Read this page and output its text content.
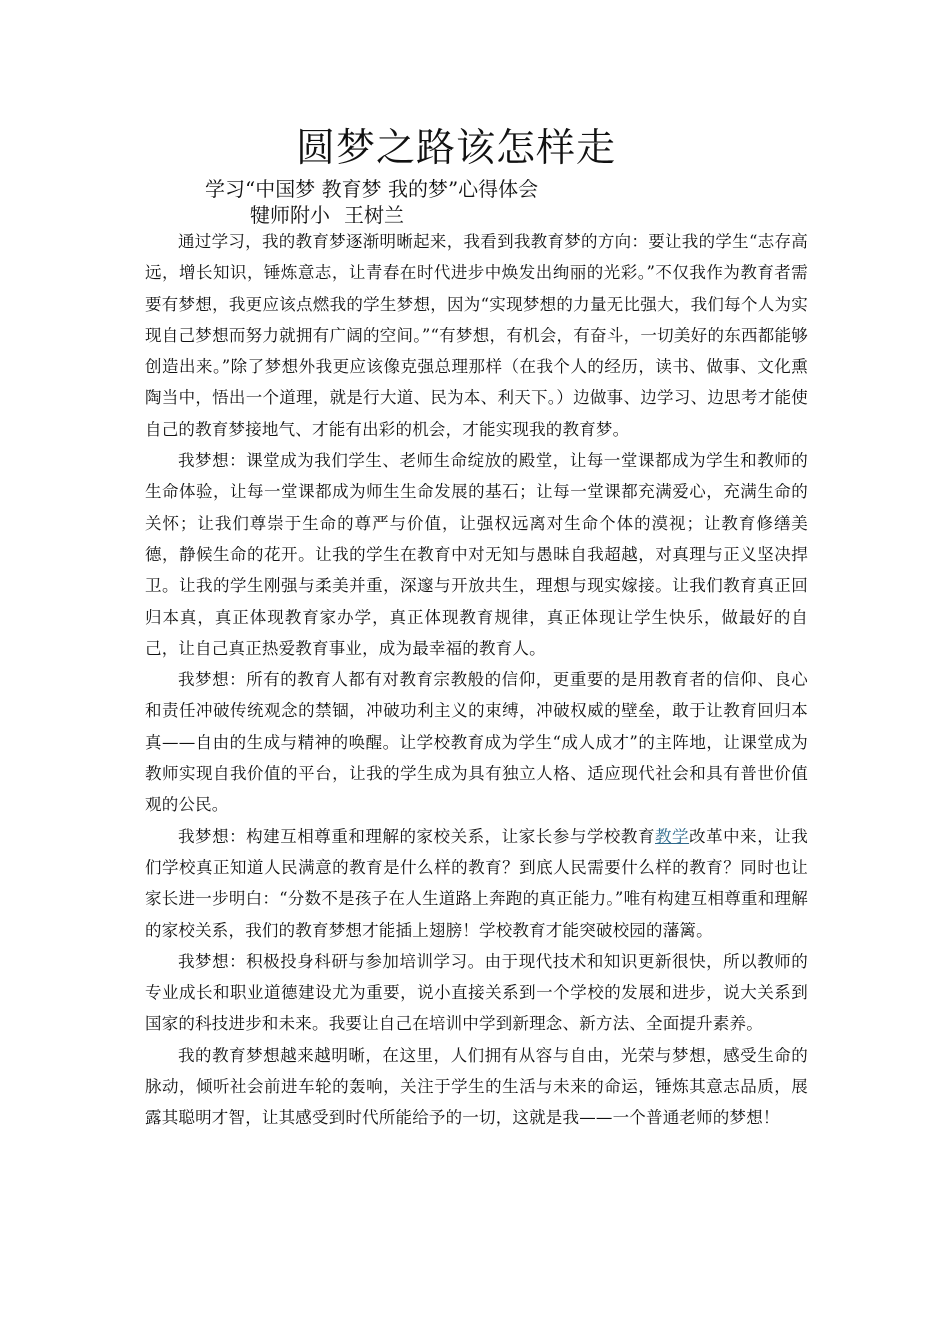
圆梦之路该怎样走

学习“中国梦 教育梦 我的梦”心得体会

犍师附小 王树兰

通过学习，我的教育梦逐渐明晰起来，我看到我教育梦的方向：要让我的学生“志存高远，增长知识，锤炼意志，让青春在时代进步中焕发出绚丽的光彩。”不仅我作为教育者需要有梦想，我更应该点燃我的学生梦想，因为“实现梦想的力量无比强大，我们每个人为实现自己梦想而努力就拥有广阔的空间。”“有梦想，有机会，有奋斗，一切美好的东西都能够创造出来。”除了梦想外我更应该像克强总理那样（在我个人的经历，读书、做事、文化熏陶当中，悟出一个道理，就是行大道、民为本、利天下。）边做事、边学习、边思考才能使自己的教育梦接地气、才能有出彩的机会，才能实现我的教育梦。

我梦想：课堂成为我们学生、老师生命绽放的殿堂，让每一堂课都成为学生和教师的生命体验，让每一堂课都成为师生生命发展的基石；让每一堂课都充满爱心，充满生命的关怀；让我们尊崇于生命的尊严与价值，让强权远离对生命个体的漠视；让教育修缮美德，静候生命的花开。让我的学生在教育中对无知与愚昧自我超越，对真理与正义坚决捍卫。让我的学生刚强与柔美并重，深邃与开放共生，理想与现实嫁接。让我们教育真正回归本真，真正体现教育家办学，真正体现教育规律，真正体现让学生快乐，做最好的自己，让自己真正热爱教育事业，成为最幸福的教育人。

我梦想：所有的教育人都有对教育宗教般的信仰，更重要的是用教育者的信仰、良心和责任冲破传统观念的禁锢，冲破功利主义的束缚，冲破权威的壁垒，敢于让教育回归本真——自由的生成与精神的唤醒。让学校教育成为学生“成人成才”的主阵地，让课堂成为教师实现自我价值的平台，让我的学生成为具有独立人格、适应现代社会和具有普世价值观的公民。

我梦想：构建互相尊重和理解的家校关系，让家长参与学校教育教学改革中来，让我们学校真正知道人民满意的教育是什么样的教育？到底人民需要什么样的教育？同时也让家长进一步明白：“分数不是孩子在人生道路上奔跑的真正能力。”唯有构建互相尊重和理解的家校关系，我们的教育梦想才能插上翅膀！学校教育才能突破校园的藩篱。

我梦想：积极投身科研与参加培训学习。由于现代技术和知识更新很快，所以教师的专业成长和职业道德建设尤为重要，说小直接关系到一个学校的发展和进步，说大关系到国家的科技进步和未来。我要让自己在培训中学到新理念、新方法、全面提升素养。

我的教育梦想越来越明晰，在这里，人们拥有从容与自由，光荣与梦想，感受生命的脉动，倾听社会前进车轮的轰响，关注于学生的生活与未来的命运，锤炼其意志品质，展露其聪明才智，让其感受到时代所能给予的一切，这就是我——一个普通老师的梦想！
